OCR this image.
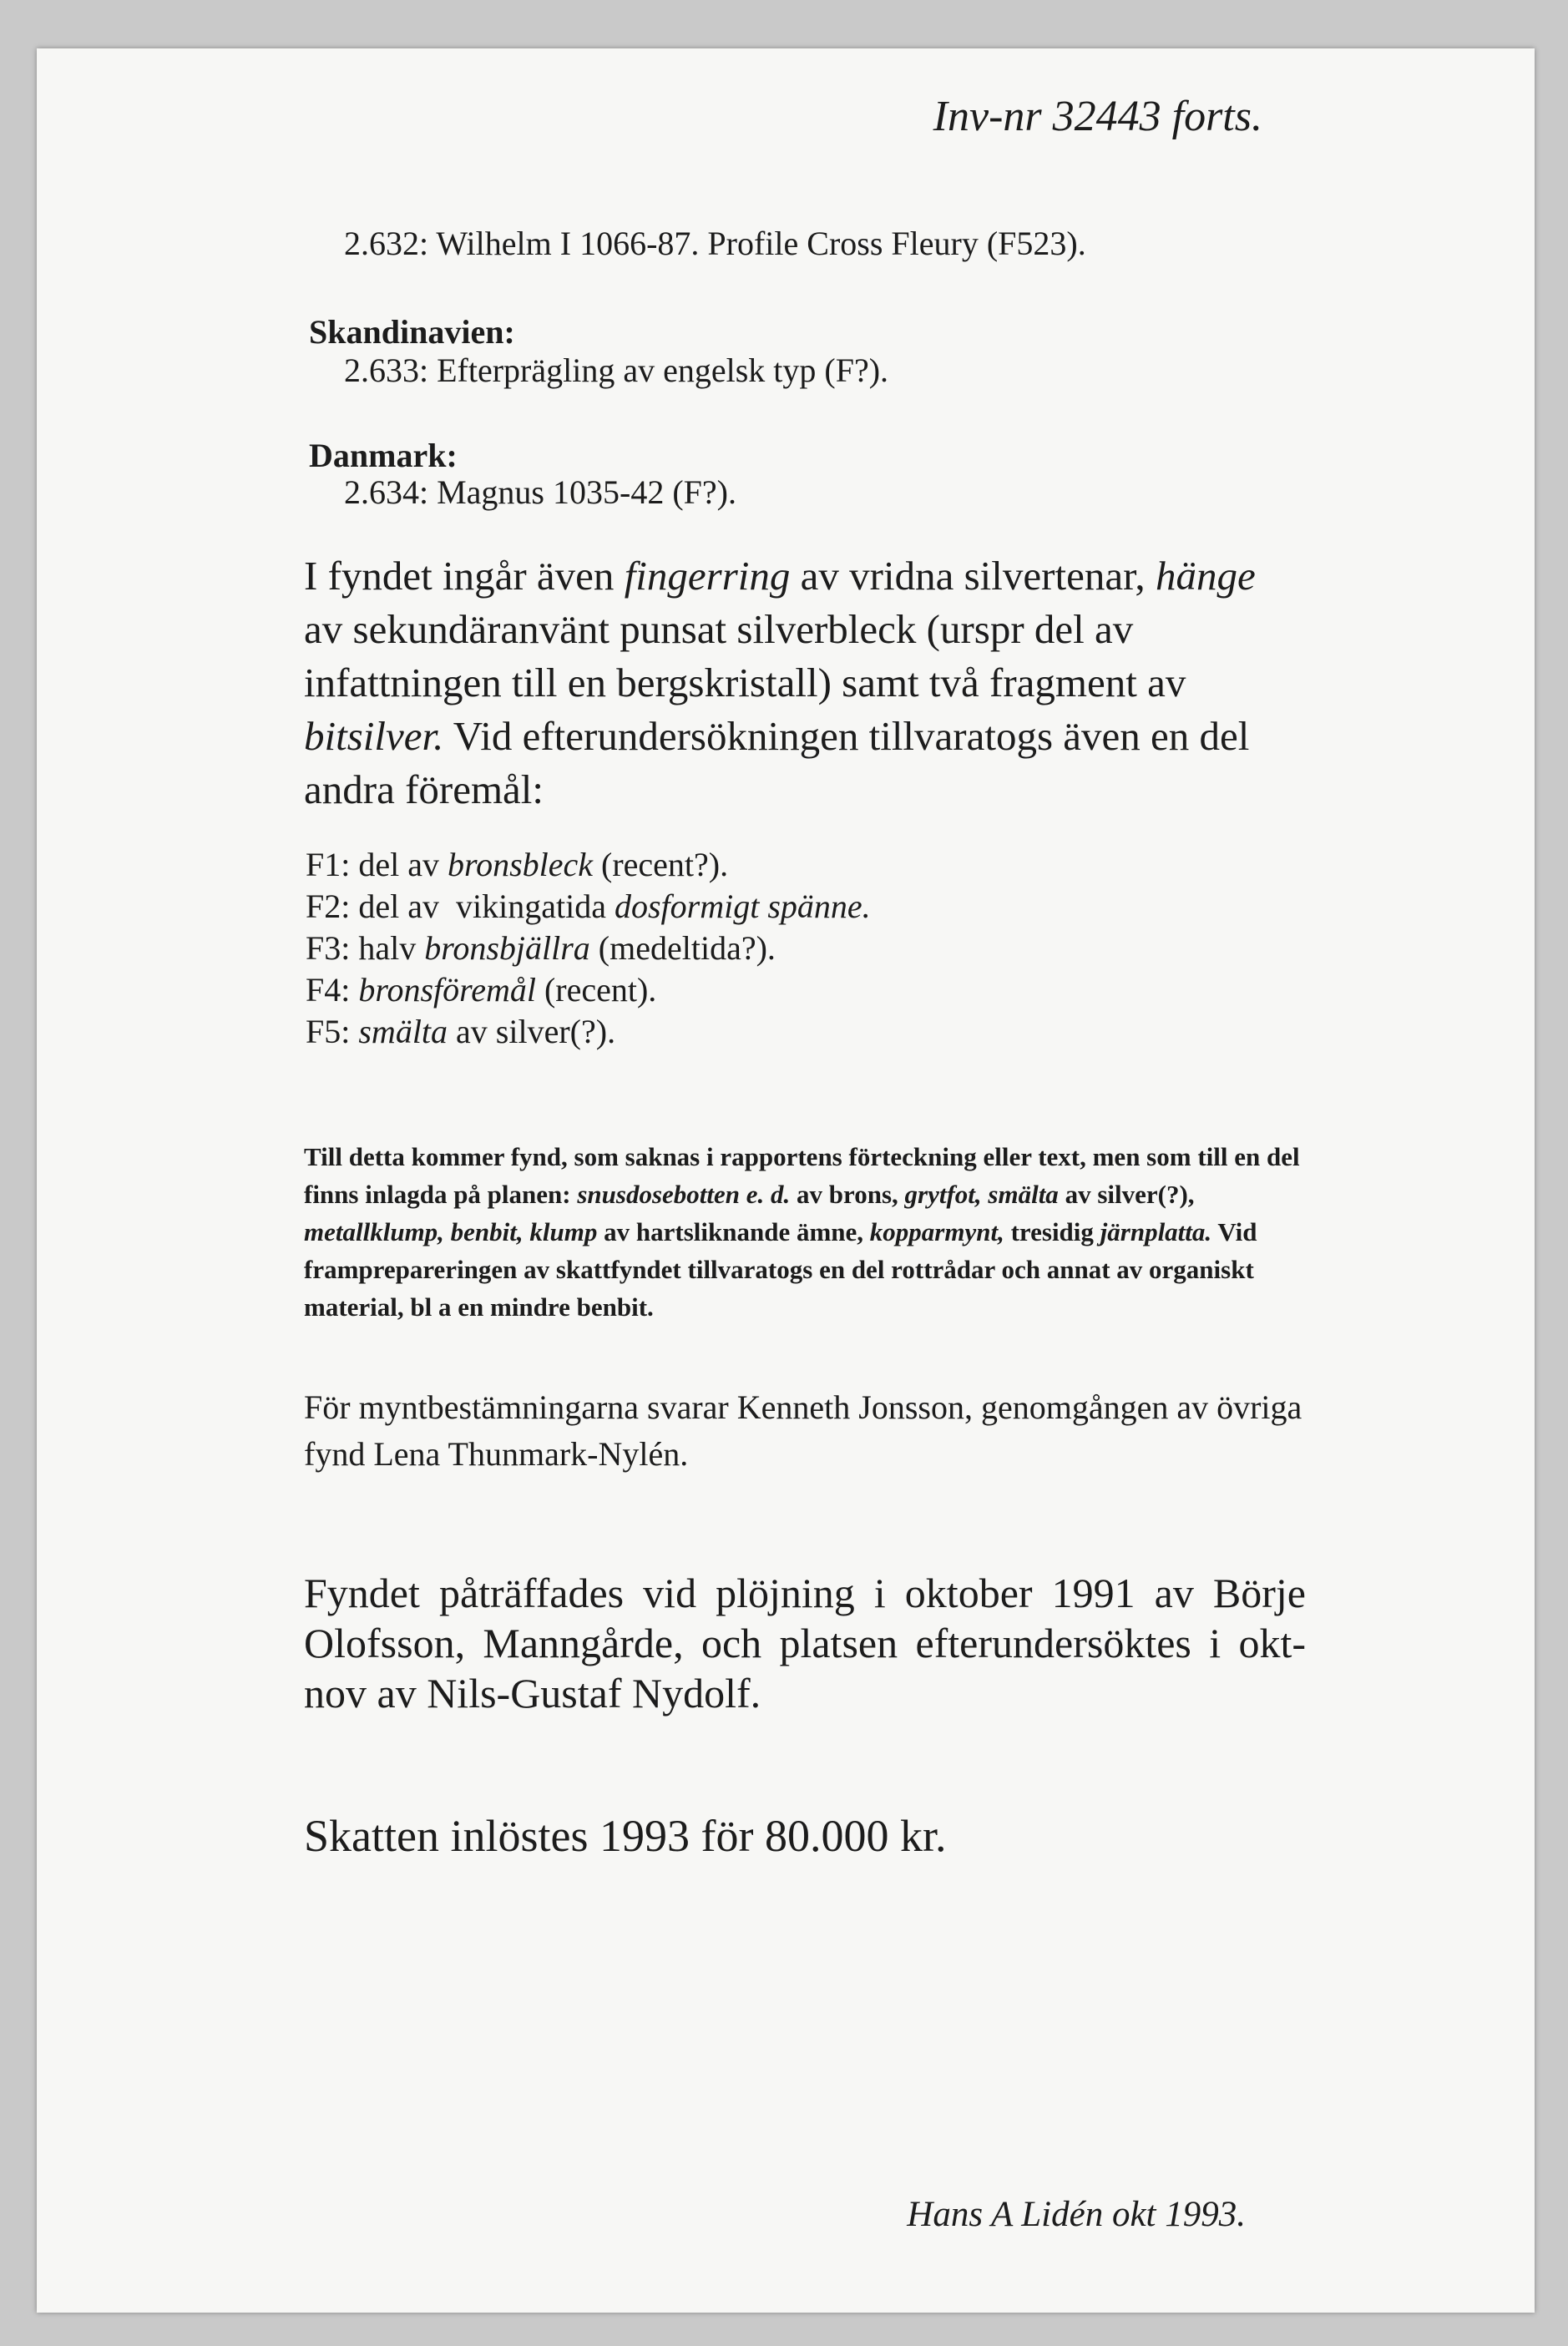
Inv-nr 32443 forts.
2.632: Wilhelm I 1066-87. Profile Cross Fleury (F523).
Skandinavien:
2.633: Efterprägling av engelsk typ (F?).
Danmark:
2.634: Magnus 1035-42 (F?).

I fyndet ingår även fingerring av vridna silvertenar, hänge av sekundäranvänt punsat silverbleck (urspr del av infattningen till en bergskristall) samt två fragment av bitsilver. Vid efterundersökningen tillvaratogs även en del andra föremål:

F1: del av bronsbleck (recent?).
F2: del av  vikingatida dosformigt spänne.
F3: halv bronsbjällra (medeltida?).
F4: bronsföremål (recent).
F5: smälta av silver(?).
Till detta kommer fynd, som saknas i rapportens förteckning eller text, men som till en del finns inlagda på planen: snusdosebotten e. d. av brons, grytfot, smälta av silver(?), metallklump, benbit, klump av hartsliknande ämne, kopparmynt, tresidig järnplatta. Vid framprepareringen av skattfyndet tillvaratogs en del rottrådar och annat av organiskt material, bl a en mindre benbit.
För myntbestämningarna svarar Kenneth Jonsson, genomgången av övriga fynd Lena Thunmark-Nylén.
Fyndet påträffades vid plöjning i oktober 1991 av Börje Olofsson, Manngårde, och platsen efterundersöktes i okt-nov av Nils-Gustaf Nydolf.
Skatten inlöstes 1993 för 80.000 kr.
Hans A Lidén okt 1993.
